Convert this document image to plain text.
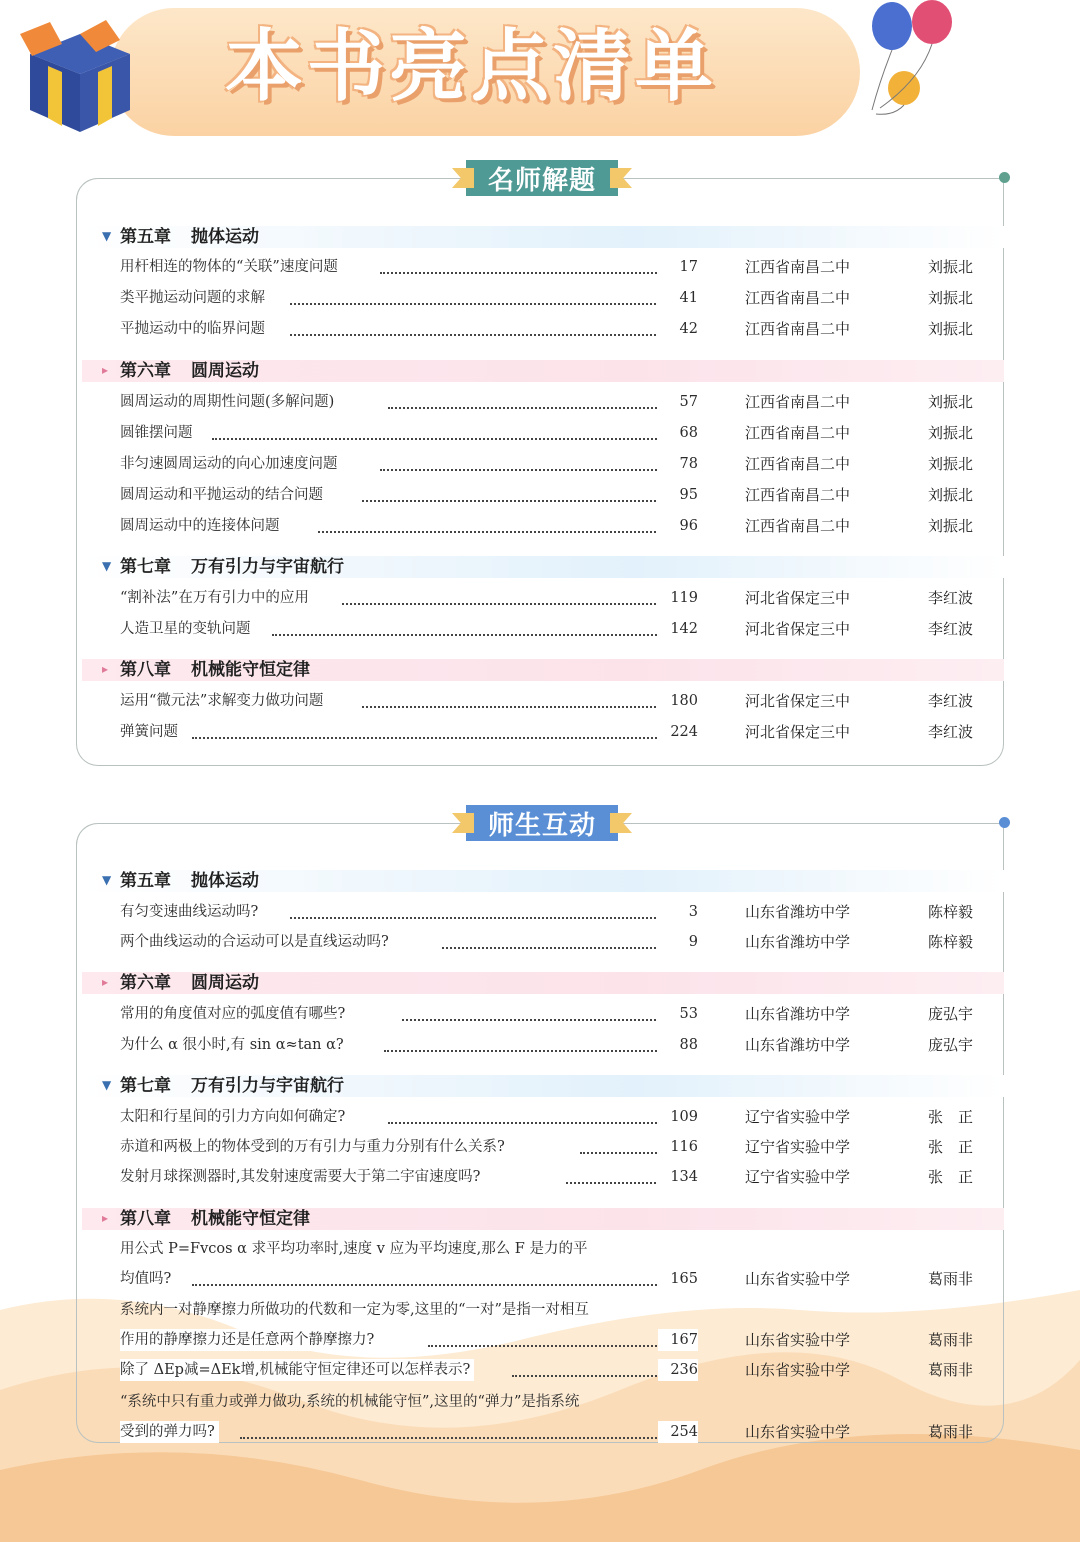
本书亮点清单
名师解题
▼ 第五章 抛体运动
用杆相连的物体的“关联”速度问题	17	江西省南昌二中	刘振北
类平抛运动问题的求解	41	江西省南昌二中	刘振北
平抛运动中的临界问题	42	江西省南昌二中	刘振北
▸ 第六章 圆周运动
圆周运动的周期性问题(多解问题)	57	江西省南昌二中	刘振北
圆锥摆问题	68	江西省南昌二中	刘振北
非匀速圆周运动的向心加速度问题	78	江西省南昌二中	刘振北
圆周运动和平抛运动的结合问题	95	江西省南昌二中	刘振北
圆周运动中的连接体问题	96	江西省南昌二中	刘振北
▼ 第七章 万有引力与宇宙航行
“割补法”在万有引力中的应用	119	河北省保定三中	李红波
人造卫星的变轨问题	142	河北省保定三中	李红波
▸ 第八章 机械能守恒定律
运用“微元法”求解变力做功问题	180	河北省保定三中	李红波
弹簧问题	224	河北省保定三中	李红波
师生互动
▼ 第五章 抛体运动
有匀变速曲线运动吗?	3	山东省潍坊中学	陈梓毅
两个曲线运动的合运动可以是直线运动吗?	9	山东省潍坊中学	陈梓毅
▸ 第六章 圆周运动
常用的角度值对应的弧度值有哪些?	53	山东省潍坊中学	庞弘宇
为什么 α 很小时,有 sin α≈tan α?	88	山东省潍坊中学	庞弘宇
▼ 第七章 万有引力与宇宙航行
太阳和行星间的引力方向如何确定?	109	辽宁省实验中学	张　正
赤道和两极上的物体受到的万有引力与重力分别有什么关系?	116	辽宁省实验中学	张　正
发射月球探测器时,其发射速度需要大于第二宇宙速度吗?	134	辽宁省实验中学	张　正
▸ 第八章 机械能守恒定律
用公式 P=Fvcos α 求平均功率时,速度 v 应为平均速度,那么 F 是力的平
均值吗?	165	山东省实验中学	葛雨非
系统内一对静摩擦力所做功的代数和一定为零,这里的“一对”是指一对相互
作用的静摩擦力还是任意两个静摩擦力?	167	山东省实验中学	葛雨非
除了 ΔEp减=ΔEk增,机械能守恒定律还可以怎样表示?	236	山东省实验中学	葛雨非
“系统中只有重力或弹力做功,系统的机械能守恒”,这里的“弹力”是指系统
受到的弹力吗?	254	山东省实验中学	葛雨非
